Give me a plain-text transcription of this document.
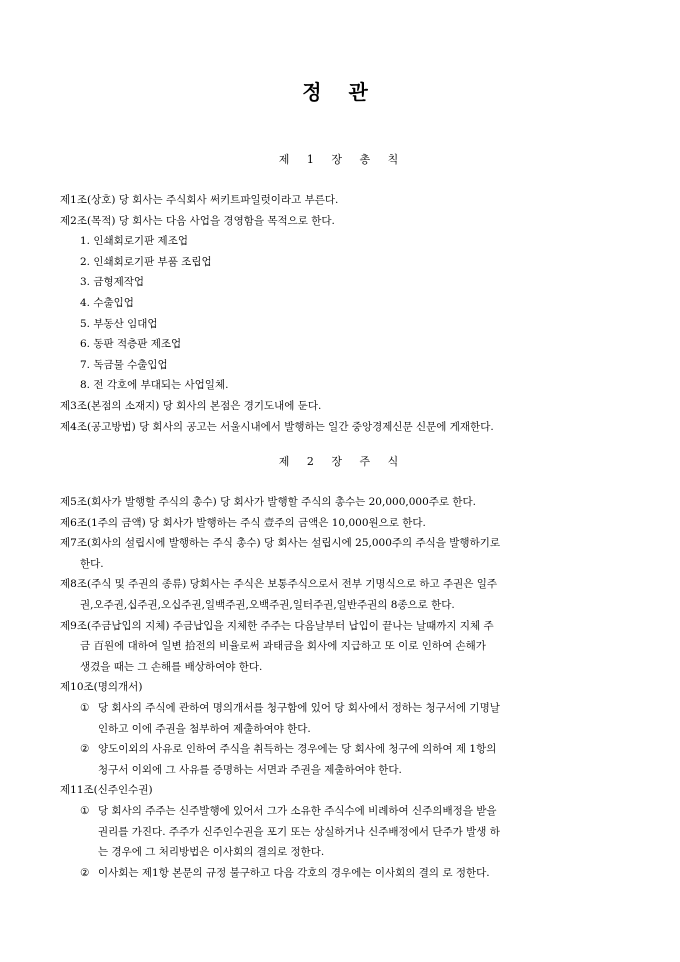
정 관
제 1 장 총 칙
제1조(상호) 당 회사는 주식회사 써키트파일럿이라고 부른다.
제2조(목적) 당 회사는 다음 사업을 경영함을 목적으로 한다.
1. 인쇄회로기판 제조업
2. 인쇄회로기판 부품 조립업
3. 금형제작업
4. 수출입업
5. 부동산 임대업
6. 동판 적층판 제조업
7. 독금물 수출입업
8. 전 각호에 부대되는 사업일체.
제3조(본점의 소재지) 당 회사의 본점은 경기도내에 둔다.
제4조(공고방법) 당 회사의 공고는 서울시내에서 발행하는 일간 중앙경제신문 신문에 게재한다.
제 2 장 주 식
제5조(회사가 발행할 주식의 총수) 당 회사가 발행할 주식의 총수는 20,000,000주로 한다.
제6조(1주의 금액) 당 회사가 발행하는 주식 壹주의 금액은 10,000원으로 한다.
제7조(회사의 설립시에 발행하는 주식 총수) 당 회사는 설립시에 25,000주의 주식을 발행하기로
한다.
제8조(주식 및 주권의 종류) 당회사는 주식은 보통주식으로서 전부 기명식으로 하고 주권은 일주
권,오주권,십주권,오십주권,일백주권,오백주권,일터주권,일반주권의 8종으로 한다.
제9조(주금납입의 지체) 주금납입을 지체한 주주는 다음날부터 납입이 끝나는 날때까지 지체 주
금 百원에 대하여 일변 拾전의 비율로써 과태금을 회사에 지급하고 또 이로 인하여 손해가
생겼을 때는 그 손해를 배상하여야 한다.
제10조(명의개서)
① 당 회사의 주식에 관하여 명의개서를 청구함에 있어 당 회사에서 정하는 청구서에 기명날
인하고 이에 주권을 첨부하여 제출하여야 한다.
② 양도이외의 사유로 인하여 주식을 취득하는 경우에는 당 회사에 청구에 의하여 제 1항의
청구서 이외에 그 사유를 증명하는 서면과 주권을 제출하여야 한다.
제11조(신주인수권)
① 당 회사의 주주는 신주발행에 있어서 그가 소유한 주식수에 비례하여 신주의배정을 받을
권리를 가진다. 주주가 신주인수권을 포기 또는 상실하거나 신주배정에서 단주가 발생 하
는 경우에 그 처리방법은 이사회의 결의로 정한다.
② 이사회는 제1항 본문의 규정 불구하고 다음 각호의 경우에는 이사회의 결의 로 정한다.
